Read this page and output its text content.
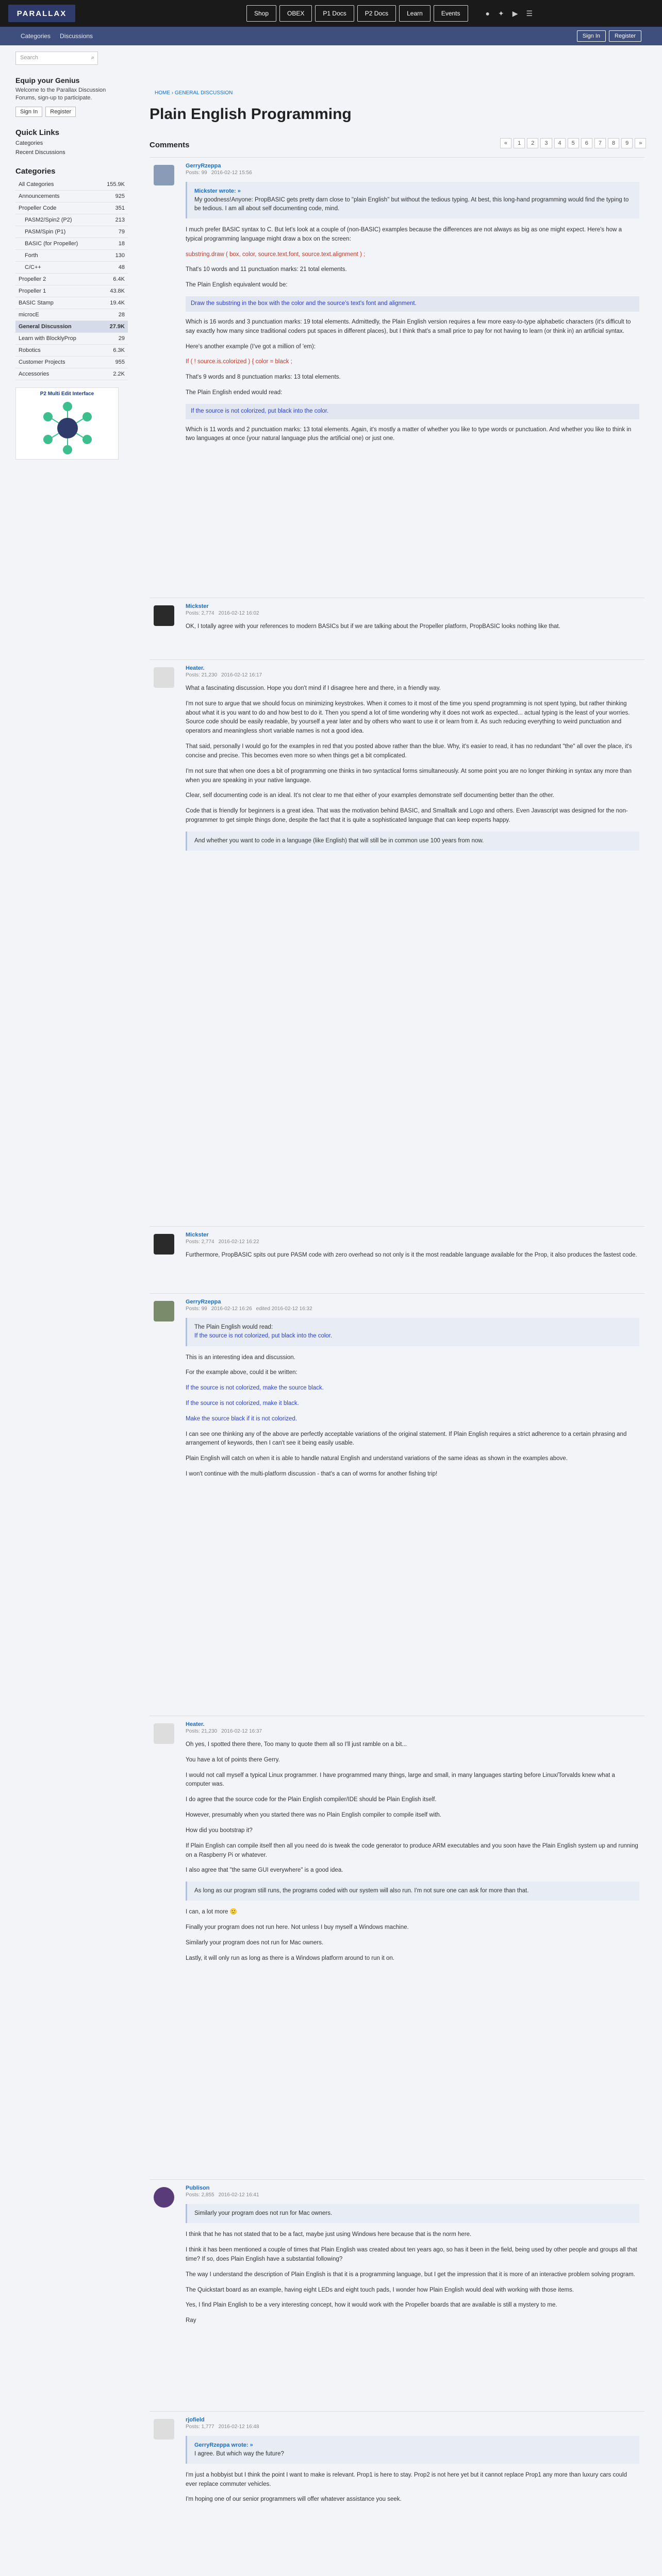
PARALLAX	Shop	OBEX	P1 Docs	P2 Docs	Learn	Events	● ✦ ▶ ☰
Categories Discussions	Sign In	Register
Search	⌕
Equip your Genius
Welcome to the Parallax Discussion Forums, sign-up to participate.
Sign In	Register
Quick Links
Categories
Recent Discussions
Categories
All Categories	155.9K
Announcements	925
Propeller Code	351
PASM2/Spin2 (P2)	213
PASM/Spin (P1)	79
BASIC (for Propeller)	18
Forth	130
C/C++	48
Propeller 2	6.4K
Propeller 1	43.8K
BASIC Stamp	19.4K
microcE	28
General Discussion	27.9K
Learn with BlocklyProp	29
Robotics	6.3K
Customer Projects	955
Accessories	2.2K
P2 Multi Edit Interface
HOME › GENERAL DISCUSSION
Plain English Programming
Comments	«	1	2	3	4	5	6	7	8	9	»
GerryRzeppa
Posts: 99 2016-02-12 15:56
Mickster wrote: »
My goodness!Anyone: PropBASIC gets pretty darn close to "plain English" but without the tedious typing. At best, this long-hand programming would find the typing to be tedious. I am all about self documenting code, mind.

I much prefer BASIC syntax to C. But let's look at a couple of (non-BASIC) examples because the differences are not always as big as one might expect. Here's how a typical programming language might draw a box on the screen:

substring.draw ( box, color, source.text.font, source.text.alignment ) ;

That's 10 words and 11 punctuation marks: 21 total elements.

The Plain English equivalent would be:

Draw the substring in the box with the color and the source's text's font and alignment.

Which is 16 words and 3 punctuation marks: 19 total elements. Admittedly, the Plain English version requires a few more easy-to-type alphabetic characters (it's difficult to say exactly how many since traditional coders put spaces in different places), but I think that's a small price to pay for not having to learn (or think in) an artificial syntax.

Here's another example (I've got a million of 'em):

If ( ! source.is.colorized ) { color = black ;

That's 9 words and 8 punctuation marks: 13 total elements.

The Plain English ended would read:

If the source is not colorized, put black into the color.

Which is 11 words and 2 punctuation marks: 13 total elements. Again, it's mostly a matter of whether you like to type words or punctuation. And whether you like to think in two languages at once (your natural language plus the artificial one) or just one.

Mickster
Posts: 2,774 2016-02-12 16:02

OK, I totally agree with your references to modern BASICs but if we are talking about the Propeller platform, PropBASIC looks nothing like that.

Heater.
Posts: 21,230 2016-02-12 16:17

What a fascinating discussion. Hope you don't mind if I disagree here and there, in a friendly way.

I'm not sure to argue that we should focus on minimizing keystrokes. When it comes to it most of the time you spend programming is not spent typing, but rather thinking about what it is you want to do and how best to do it. Then you spend a lot of time wondering why it does not work as expected... actual typing is the least of your worries. Source code should be easily readable, by yourself a year later and by others who want to use it or learn from it. As such reducing everything to weird punctuation and operators and meaningless short variable names is not a good idea.

That said, personally I would go for the examples in red that you posted above rather than the blue. Why, it's easier to read, it has no redundant "the" all over the place, it's concise and precise. This becomes even more so when things get a bit complicated.

I'm not sure that when one does a bit of programming one thinks in two syntactical forms simultaneously. At some point you are no longer thinking in syntax any more than when you are speaking in your native language.

Clear, self documenting code is an ideal. It's not clear to me that either of your examples demonstrate self documenting better than the other.

Code that is friendly for beginners is a great idea. That was the motivation behind BASIC, and Smalltalk and Logo and others. Even Javascript was designed for the non-programmer to get simple things done, despite the fact that it is quite a sophisticated language that can keep experts happy.

And whether you want to code in a language (like English) that will still be in common use 100 years from now.
Mickster
Posts: 2,774 2016-02-12 16:22

Furthermore, PropBASIC spits out pure PASM code with zero overhead so not only is it the most readable language available for the Prop, it also produces the fastest code.

GerryRzeppa
Posts: 99 2016-02-12 16:26 edited 2016-02-12 16:32
The Plain English would read:
If the source is not colorized, put black into the color.

This is an interesting idea and discussion.

For the example above, could it be written:

If the source is not colorized, make the source black.

If the source is not colorized, make it black.

Make the source black if it is not colorized.

I can see one thinking any of the above are perfectly acceptable variations of the original statement. If Plain English requires a strict adherence to a certain phrasing and arrangement of keywords, then I can't see it being easily usable.

Plain English will catch on when it is able to handle natural English and understand variations of the same ideas as shown in the examples above.

I won't continue with the multi-platform discussion - that's a can of worms for another fishing trip!

Heater.
Posts: 21,230 2016-02-12 16:37

Oh yes, I spotted there there, Too many to quote them all so I'll just ramble on a bit...

You have a lot of points there Gerry.

I would not call myself a typical Linux programmer. I have programmed many things, large and small, in many languages starting before Linux/Torvalds knew what a computer was.

I do agree that the source code for the Plain English compiler/IDE should be Plain English itself.

However, presumably when you started there was no Plain English compiler to compile itself with.

How did you bootstrap it?

If Plain English can compile itself then all you need do is tweak the code generator to produce ARM executables and you soon have the Plain English system up and running on a Raspberry Pi or whatever.

I also agree that "the same GUI everywhere" is a good idea.

As long as our program still runs, the programs coded with our system will also run. I'm not sure one can ask for more than that.

I can, a lot more 🙂

Finally your program does not run here. Not unless I buy myself a Windows machine.

Similarly your program does not run for Mac owners.

Lastly, it will only run as long as there is a Windows platform around to run it on.

Publison
Posts: 2,855 2016-02-12 16:41
Similarly your program does not run for Mac owners.

I think that he has not stated that to be a fact, maybe just using Windows here because that is the norm here.

I think it has been mentioned a couple of times that Plain English was created about ten years ago, so has it been in the field, being used by other people and groups all that time? If so, does Plain English have a substantial following?

The way I understand the description of Plain English is that it is a programming language, but I get the impression that it is more of an interactive problem solving program.

The Quickstart board as an example, having eight LEDs and eight touch pads, I wonder how Plain English would deal with working with those items.

Yes, I find Plain English to be a very interesting concept, how it would work with the Propeller boards that are available is still a mystery to me.

Ray

rjofield
Posts: 1,777 2016-02-12 16:48
GerryRzeppa wrote: »
I agree. But which way the future?

I'm just a hobbyist but I think the point I want to make is relevant. Prop1 is here to stay. Prop2 is not here yet but it cannot replace Prop1 any more than luxury cars could ever replace commuter vehicles.

I'm hoping one of our senior programmers will offer whatever assistance you seek.
